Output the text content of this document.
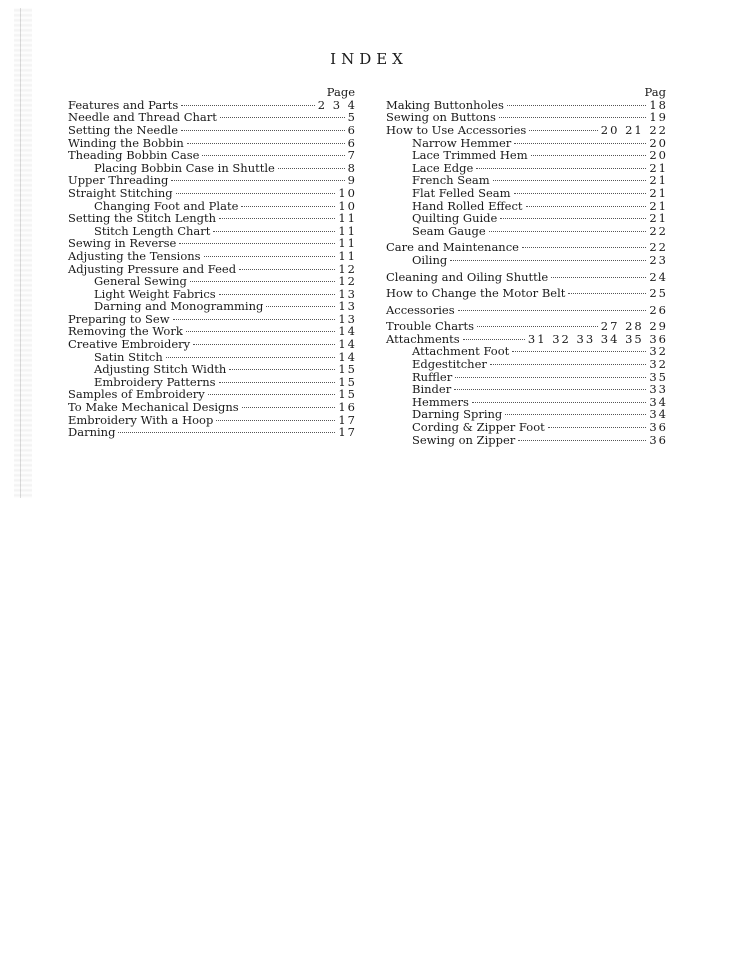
INDEX
Page
Features and Parts	2 3 4
Needle and Thread Chart	5
Setting the Needle	6
Winding the Bobbin	6
Theading Bobbin Case	7
Placing Bobbin Case in Shuttle	8
Upper Threading	9
Straight Stitching	10
Changing Foot and Plate	10
Setting the Stitch Length	11
Stitch Length Chart	11
Sewing in Reverse	11
Adjusting the Tensions	11
Adjusting Pressure and Feed	12
General Sewing	12
Light Weight Fabrics	13
Darning and Monogramming	13
Preparing to Sew	13
Removing the Work	14
Creative Embroidery	14
Satin Stitch	14
Adjusting Stitch Width	15
Embroidery Patterns	15
Samples of Embroidery	15
To Make Mechanical Designs	16
Embroidery With a Hoop	17
Darning	17
Pag
Making Buttonholes	18
Sewing on Buttons	19
How to Use Accessories	20 21 22
Narrow Hemmer	20
Lace Trimmed Hem	20
Lace Edge	21
French Seam	21
Flat Felled Seam	21
Hand Rolled Effect	21
Quilting Guide	21
Seam Gauge	22
Care and Maintenance	22
Oiling	23
Cleaning and Oiling Shuttle	24
How to Change the Motor Belt	25
Accessories	26
Trouble Charts	27 28 29
Attachments	31 32 33 34 35 36
Attachment Foot	32
Edgestitcher	32
Ruffler	35
Binder	33
Hemmers	34
Darning Spring	34
Cording & Zipper Foot	36
Sewing on Zipper	36
